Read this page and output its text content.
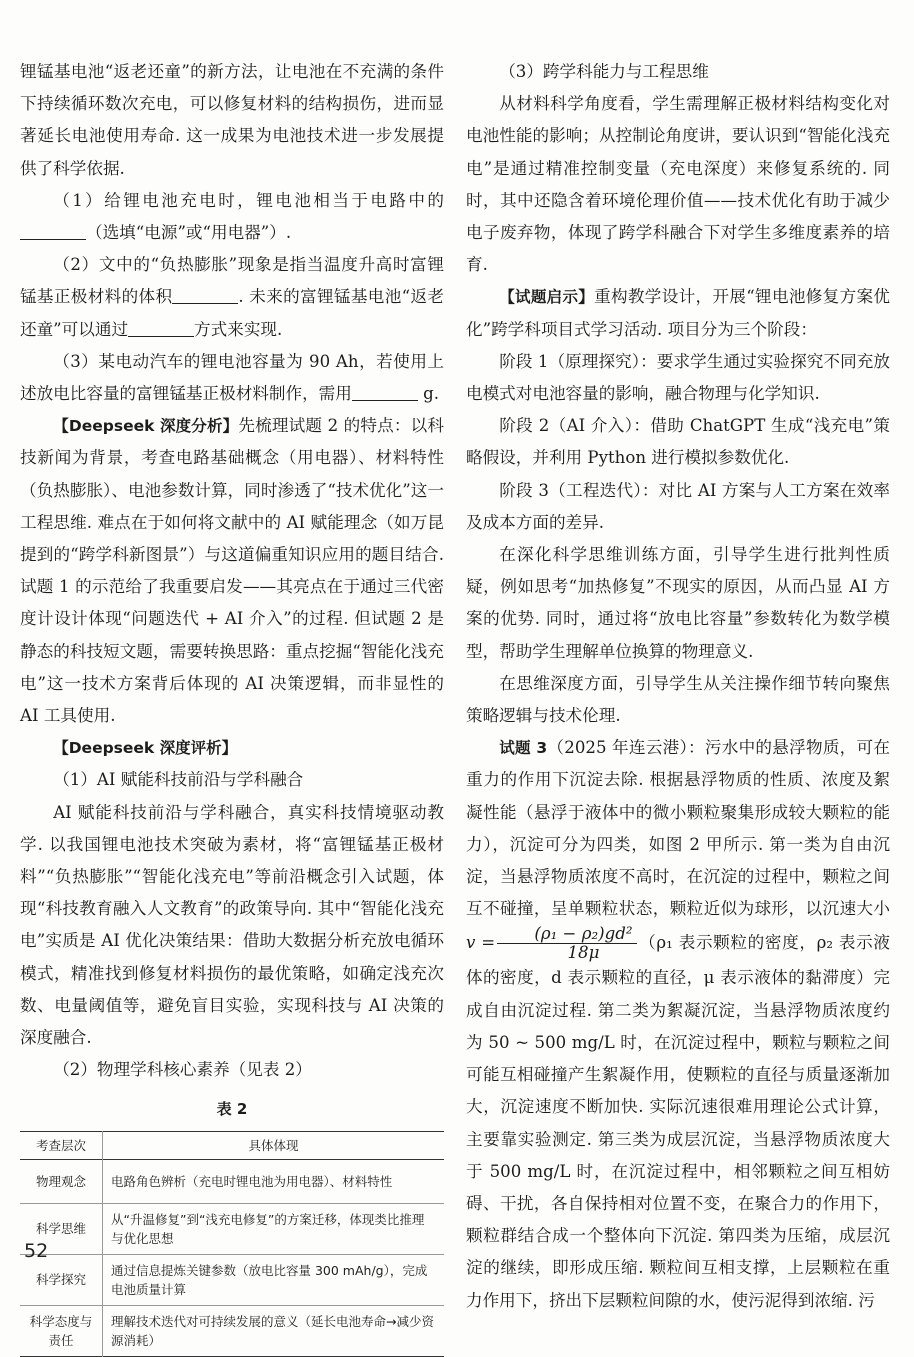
锂锰基电池“返老还童”的新方法，让电池在不充满的条件下持续循环数次充电，可以修复材料的结构损伤，进而显著延长电池使用寿命. 这一成果为电池技术进一步发展提供了科学依据.

（1）给锂电池充电时，锂电池相当于电路中的（选填“电源”或“用电器”）.

（2）文中的“负热膨胀”现象是指当温度升高时富锂锰基正极材料的体积	. 未来的富锂锰基电池“返老还童”可以通过	方式来实现.

（3）某电动汽车的锂电池容量为 90 Ah，若使用上述放电比容量的富锂锰基正极材料制作，需用	g.

【Deepseek 深度分析】先梳理试题 2 的特点：以科技新闻为背景，考查电路基础概念（用电器）、材料特性（负热膨胀）、电池参数计算，同时渗透了“技术优化”这一工程思维. 难点在于如何将文献中的 AI 赋能理念（如万昆提到的“跨学科新图景”）与这道偏重知识应用的题目结合. 试题 1 的示范给了我重要启发——其亮点在于通过三代密度计设计体现“问题迭代 + AI 介入”的过程. 但试题 2 是静态的科技短文题，需要转换思路：重点挖掘“智能化浅充电”这一技术方案背后体现的 AI 决策逻辑，而非显性的 AI 工具使用.

【Deepseek 深度评析】

（1）AI 赋能科技前沿与学科融合

AI 赋能科技前沿与学科融合，真实科技情境驱动教学. 以我国锂电池技术突破为素材，将“富锂锰基正极材料”“负热膨胀”“智能化浅充电”等前沿概念引入试题，体现“科技教育融入人文教育”的政策导向. 其中“智能化浅充电”实质是 AI 优化决策结果：借助大数据分析充放电循环模式，精准找到修复材料损伤的最优策略，如确定浅充次数、电量阈值等，避免盲目实验，实现科技与 AI 决策的深度融合.

（2）物理学科核心素养（见表 2）

表 2
考查层次	具体体现
物理观念	电路角色辨析（充电时锂电池为用电器）、材料特性
科学思维	从“升温修复”到“浅充电修复”的方案迁移，体现类比推理与优化思想
科学探究	通过信息提炼关键参数（放电比容量 300 mAh/g），完成电池质量计算
科学态度与责任	理解技术迭代对可持续发展的意义（延长电池寿命→减少资源消耗）

（3）跨学科能力与工程思维

从材料科学角度看，学生需理解正极材料结构变化对电池性能的影响；从控制论角度讲，要认识到“智能化浅充电”是通过精准控制变量（充电深度）来修复系统的. 同时，其中还隐含着环境伦理价值——技术优化有助于减少电子废弃物，体现了跨学科融合下对学生多维度素养的培育.

【试题启示】重构教学设计，开展“锂电池修复方案优化”跨学科项目式学习活动. 项目分为三个阶段：

阶段 1（原理探究）：要求学生通过实验探究不同充放电模式对电池容量的影响，融合物理与化学知识.

阶段 2（AI 介入）：借助 ChatGPT 生成“浅充电”策略假设，并利用 Python 进行模拟参数优化.

阶段 3（工程迭代）：对比 AI 方案与人工方案在效率及成本方面的差异.

在深化科学思维训练方面，引导学生进行批判性质疑，例如思考“加热修复”不现实的原因，从而凸显 AI 方案的优势. 同时，通过将“放电比容量”参数转化为数学模型，帮助学生理解单位换算的物理意义.

在思维深度方面，引导学生从关注操作细节转向聚焦策略逻辑与技术伦理.

试题 3（2025 年连云港）：污水中的悬浮物质，可在重力的作用下沉淀去除. 根据悬浮物质的性质、浓度及絮凝性能（悬浮于液体中的微小颗粒聚集形成较大颗粒的能力），沉淀可分为四类，如图 2 甲所示. 第一类为自由沉淀，当悬浮物质浓度不高时，在沉淀的过程中，颗粒之间互不碰撞，呈单颗粒状态，颗粒近似为球形，以沉速大小$v = \frac{\text{(ρ₁ − ρ₂)gd²}}{18\mu} (\rho_1$ 表示颗粒的密度，ρ₂ 表示液体的密度，d 表示颗粒的直径，μ 表示液体的黏滞度）完成自由沉淀过程. 第二类为絮凝沉淀，当悬浮物质浓度约为 50 ~ 500 mg/L 时，在沉淀过程中，颗粒与颗粒之间可能互相碰撞产生絮凝作用，使颗粒的直径与质量逐渐加大，沉淀速度不断加快. 实际沉速很难用理论公式计算，主要靠实验测定. 第三类为成层沉淀，当悬浮物质浓度大于 500 mg/L 时，在沉淀过程中，相邻颗粒之间互相妨碍、干扰，各自保持相对位置不变，在聚合力的作用下，颗粒群结合成一个整体向下沉淀. 第四类为压缩，成层沉淀的继续，即形成压缩. 颗粒间互相支撑，上层颗粒在重力作用下，挤出下层颗粒间隙的水，使污泥得到浓缩. 污

52
